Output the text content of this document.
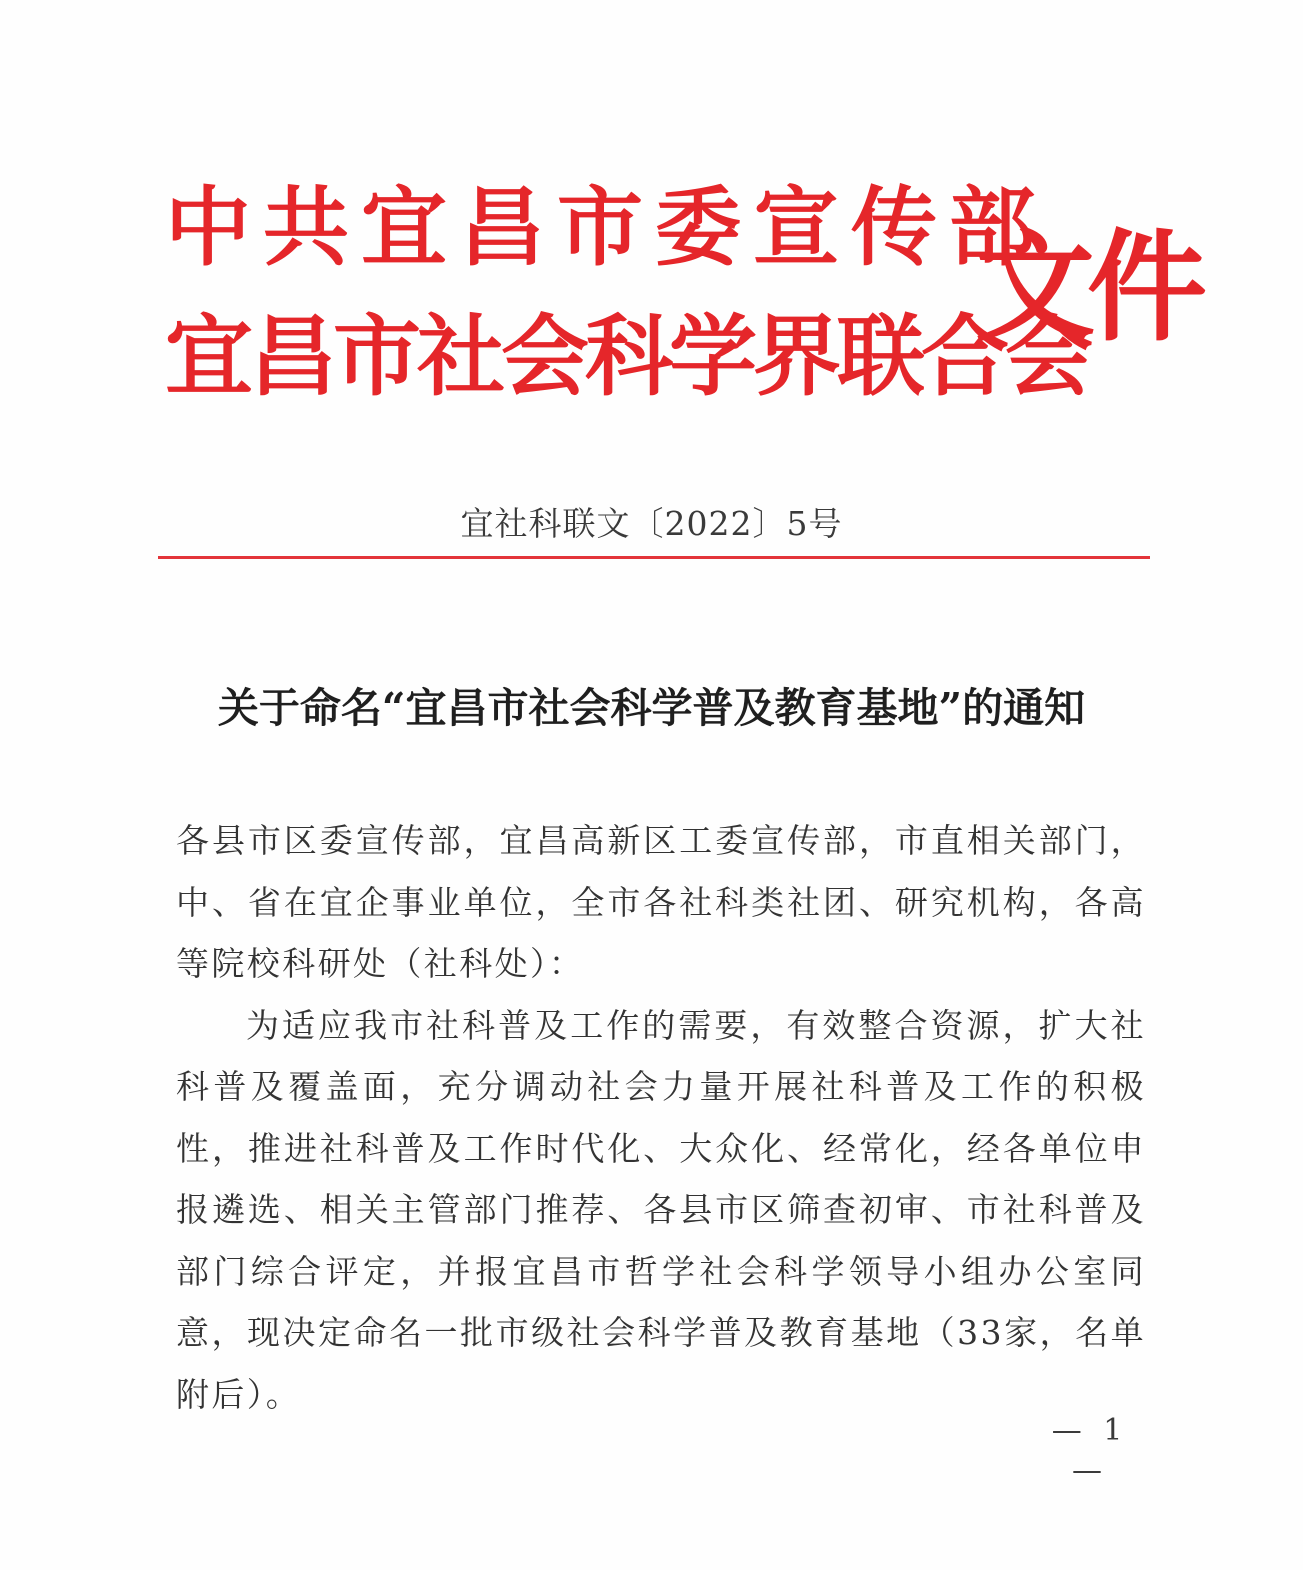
中共宜昌市委宣传部
宜昌市社会科学界联合会
文件
宜社科联文〔2022〕5号
关于命名“宜昌市社会科学普及教育基地”的通知

各县市区委宣传部，宜昌高新区工委宣传部，市直相关部门，中、省在宜企事业单位，全市各社科类社团、研究机构，各高等院校科研处（社科处）：

为适应我市社科普及工作的需要，有效整合资源，扩大社科普及覆盖面，充分调动社会力量开展社科普及工作的积极性，推进社科普及工作时代化、大众化、经常化，经各单位申报遴选、相关主管部门推荐、各县市区筛查初审、市社科普及部门综合评定，并报宜昌市哲学社会科学领导小组办公室同意，现决定命名一批市级社会科学普及教育基地（33家，名单附后）。

— 1 —
